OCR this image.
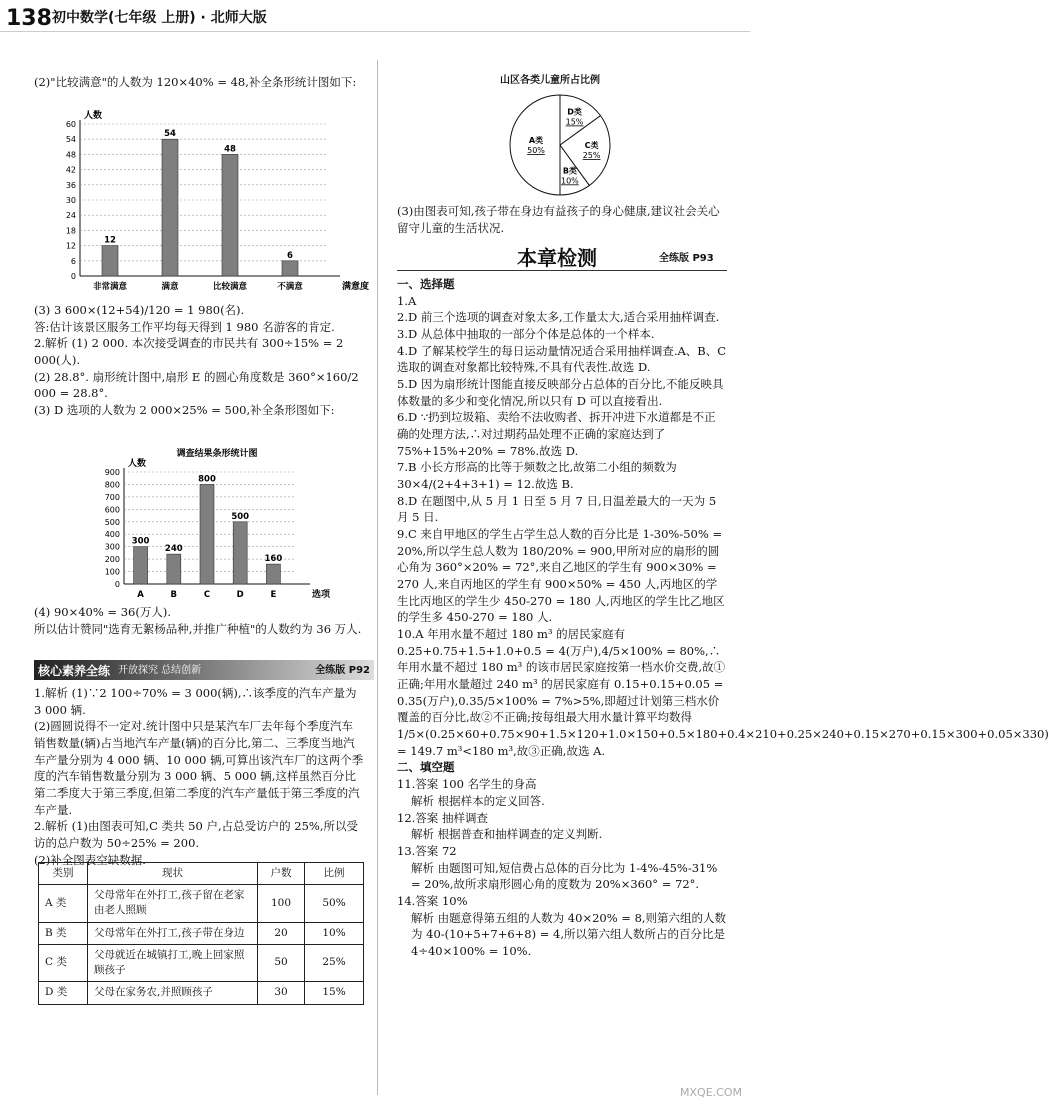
138 初中数学(七年级 上册) · 北师大版

(2)"比较满意"的人数为 120×40% = 48,补全条形统计图如下:

人数
满意度
0
6
12
18
24
30
36
42
48
54
60
12
非常满意
54
满意
48
比较满意
6
不满意

(3) 3 600×(12+54)/120 = 1 980(名).

答:估计该景区服务工作平均每天得到 1 980 名游客的肯定.

2.解析 (1) 2 000. 本次接受调查的市民共有 300÷15% = 2 000(人).

(2) 28.8°. 扇形统计图中,扇形 E 的圆心角度数是 360°×160/2 000 = 28.8°.

(3) D 选项的人数为 2 000×25% = 500,补全条形图如下:

调查结果条形统计图
人数
选项
0
100
200
300
400
500
600
700
800
900
300
A
240
B
800
C
500
D
160
E

(4) 90×40% = 36(万人).

所以估计赞同"选育无絮杨品种,并推广种植"的人数约为 36 万人.

核心素养全练 开放探究 总结创新	全练版 P92

1.解析 (1)∵2 100÷70% = 3 000(辆),∴该季度的汽车产量为 3 000 辆.

(2)圆圆说得不一定对.统计图中只是某汽车厂去年每个季度汽车销售数量(辆)占当地汽车产量(辆)的百分比,第二、三季度当地汽车产量分别为 4 000 辆、10 000 辆,可算出该汽车厂的这两个季度的汽车销售数量分别为 3 000 辆、5 000 辆,这样虽然百分比第二季度大于第三季度,但第二季度的汽车产量低于第三季度的汽车产量.

2.解析 (1)由图表可知,C 类共 50 户,占总受访户的 25%,所以受访的总户数为 50÷25% = 200.

(2)补全图表空缺数据.

类别	现状	户数	比例
A 类	父母常年在外打工,孩子留在老家由老人照顾	100	50%
B 类	父母常年在外打工,孩子带在身边	20	10%
C 类	父母就近在城镇打工,晚上回家照顾孩子	50	25%
D 类	父母在家务农,并照顾孩子	30	15%
山区各类儿童所占比例
A类
50%
B类
10%
C类
25%
D类
15%

(3)由图表可知,孩子带在身边有益孩子的身心健康,建议社会关心留守儿童的生活状况.

本章检测	全练版 P93

一、选择题

1.A

2.D 前三个选项的调查对象太多,工作量太大,适合采用抽样调查.

3.D 从总体中抽取的一部分个体是总体的一个样本.

4.D 了解某校学生的每日运动量情况适合采用抽样调查.A、B、C 选取的调查对象都比较特殊,不具有代表性.故选 D.

5.D 因为扇形统计图能直接反映部分占总体的百分比,不能反映具体数量的多少和变化情况,所以只有 D 可以直接看出.

6.D ∵扔到垃圾箱、卖给不法收购者、拆开冲进下水道都是不正确的处理方法,∴对过期药品处理不正确的家庭达到了 75%+15%+20% = 78%.故选 D.

7.B 小长方形高的比等于频数之比,故第二小组的频数为 30×4/(2+4+3+1) = 12.故选 B.

8.D 在题图中,从 5 月 1 日至 5 月 7 日,日温差最大的一天为 5 月 5 日.

9.C 来自甲地区的学生占学生总人数的百分比是 1-30%-50% = 20%,所以学生总人数为 180/20% = 900,甲所对应的扇形的圆心角为 360°×20% = 72°,来自乙地区的学生有 900×30% = 270 人,来自丙地区的学生有 900×50% = 450 人,丙地区的学生比丙地区的学生少 450-270 = 180 人,丙地区的学生比乙地区的学生多 450-270 = 180 人.

10.A 年用水量不超过 180 m³ 的居民家庭有 0.25+0.75+1.5+1.0+0.5 = 4(万户),4/5×100% = 80%,∴年用水量不超过 180 m³ 的该市居民家庭按第一档水价交费,故①正确;年用水量超过 240 m³ 的居民家庭有 0.15+0.15+0.05 = 0.35(万户),0.35/5×100% = 7%>5%,即超过计划第三档水价覆盖的百分比,故②不正确;按每组最大用水量计算平均数得 1/5×(0.25×60+0.75×90+1.5×120+1.0×150+0.5×180+0.4×210+0.25×240+0.15×270+0.15×300+0.05×330) = 149.7 m³<180 m³,故③正确,故选 A.

二、填空题

11.答案 100 名学生的身高

解析 根据样本的定义回答.

12.答案 抽样调查

解析 根据普查和抽样调查的定义判断.

13.答案 72

解析 由题图可知,短信费占总体的百分比为 1-4%-45%-31% = 20%,故所求扇形圆心角的度数为 20%×360° = 72°.

14.答案 10%

解析 由题意得第五组的人数为 40×20% = 8,则第六组的人数为 40-(10+5+7+6+8) = 4,所以第六组人数所占的百分比是 4÷40×100% = 10%.

MXQE.COM
